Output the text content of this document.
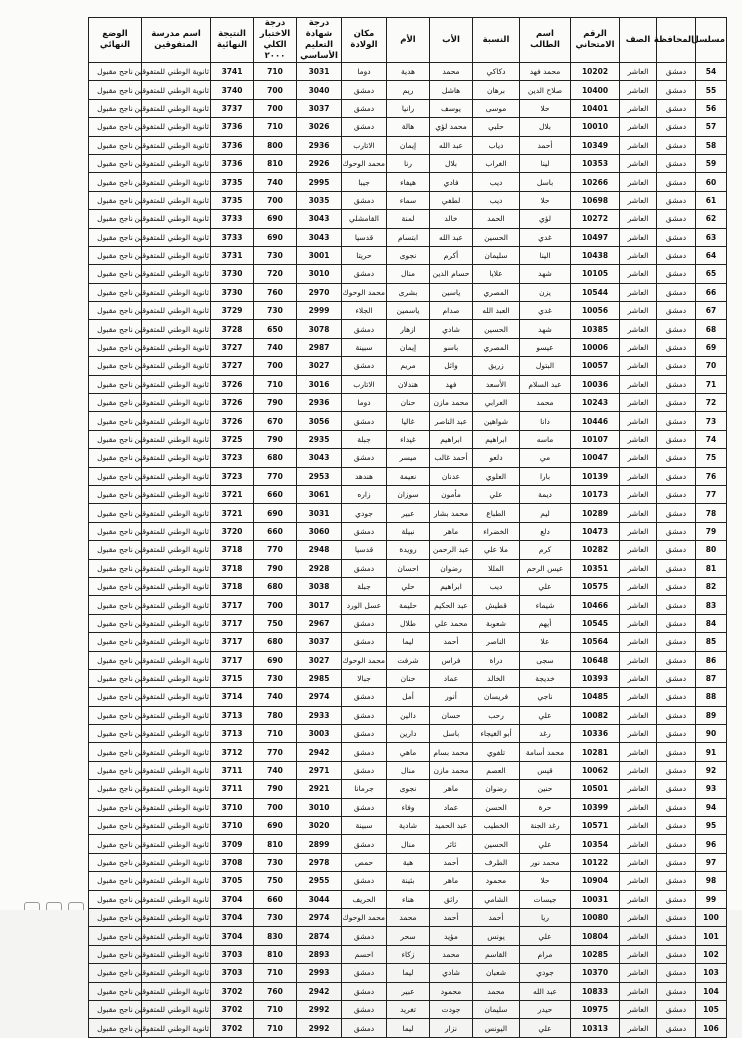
مسلسل	المحافظة	الصف	الرقم الامتحاني	اسم الطالب	النسبة	الأب	الأم	مكان الولادة	درجة شهادة التعليم الأساسي	درجة الاختبار الكلي ٢٠٠٠	النتيجة النهائية	اسم مدرسة المتفوقين	الوضع النهائي
54	دمشق	العاشر	10202	محمد فهد	دكاكي	محمد	هدية	دوما	3031	710	3741	ثانوية الوطني للمتفوقين	ناجح مقبول
55	دمشق	العاشر	10400	صلاح الدين	برهان	هاشل	ريم	دمشق	3040	700	3740	ثانوية الوطني للمتفوقين	ناجح مقبول
56	دمشق	العاشر	10401	حلا	موسى	يوسف	رانيا	دمشق	3037	700	3737	ثانوية الوطني للمتفوقين	ناجح مقبول
57	دمشق	العاشر	10010	بلال	حلبي	محمد لؤي	هالة	دمشق	3026	710	3736	ثانوية الوطني للمتفوقين	ناجح مقبول
58	دمشق	العاشر	10349	أحمد	دياب	عبد الله	إيمان	الاتارب	2936	800	3736	ثانوية الوطني للمتفوقين	ناجح مقبول
59	دمشق	العاشر	10353	لينا	الغراب	بلال	رنا	محمد الوحوك	2926	810	3736	ثانوية الوطني للمتفوقين	ناجح مقبول
60	دمشق	العاشر	10266	باسل	ديب	فادي	هيفاء	جيبا	2995	740	3735	ثانوية الوطني للمتفوقين	ناجح مقبول
61	دمشق	العاشر	10698	حلا	ديب	لطفي	سماء	دمشق	3035	700	3735	ثانوية الوطني للمتفوقين	ناجح مقبول
62	دمشق	العاشر	10272	لؤي	الحمد	خالد	لمنة	القامشلي	3043	690	3733	ثانوية الوطني للمتفوقين	ناجح مقبول
63	دمشق	العاشر	10497	غدي	الحسين	عبد الله	ابتسام	قدسيا	3043	690	3733	ثانوية الوطني للمتفوقين	ناجح مقبول
64	دمشق	العاشر	10438	الينا	سليمان	أكرم	نجوى	حريتا	3001	730	3731	ثانوية الوطني للمتفوقين	ناجح مقبول
65	دمشق	العاشر	10105	شهد	علايا	حسام الدين	منال	دمشق	3010	720	3730	ثانوية الوطني للمتفوقين	ناجح مقبول
66	دمشق	العاشر	10544	يزن	المصري	ياسين	بشرى	محمد الوحوك	2970	760	3730	ثانوية الوطني للمتفوقين	ناجح مقبول
67	دمشق	العاشر	10056	غدي	العبد الله	صدام	ياسمين	الجلاء	2999	730	3729	ثانوية الوطني للمتفوقين	ناجح مقبول
68	دمشق	العاشر	10385	شهد	الحسين	شادي	ازهار	دمشق	3078	650	3728	ثانوية الوطني للمتفوقين	ناجح مقبول
69	دمشق	العاشر	10006	عيسو	المصري	باسو	إيمان	سبينة	2987	740	3727	ثانوية الوطني للمتفوقين	ناجح مقبول
70	دمشق	العاشر	10057	البتول	زريق	وائل	مريم	دمشق	3027	700	3727	ثانوية الوطني للمتفوقين	ناجح مقبول
71	دمشق	العاشر	10036	عبد السلام	الأسعد	فهد	هندلان	الاتارب	3016	710	3726	ثانوية الوطني للمتفوقين	ناجح مقبول
72	دمشق	العاشر	10243	محمد	العرابي	محمد مازن	حنان	دوما	2936	790	3726	ثانوية الوطني للمتفوقين	ناجح مقبول
73	دمشق	العاشر	10446	دانا	شواهين	عبد الناصر	غاليا	دمشق	3056	670	3726	ثانوية الوطني للمتفوقين	ناجح مقبول
74	دمشق	العاشر	10107	ماسه	ابراهيم	ابراهيم	غيداء	جبلة	2935	790	3725	ثانوية الوطني للمتفوقين	ناجح مقبول
75	دمشق	العاشر	10047	مي	دلعو	أحمد غالب	ميسر	دمشق	3043	680	3723	ثانوية الوطني للمتفوقين	ناجح مقبول
76	دمشق	العاشر	10139	بارا	العلوي	عدنان	نعيمة	هندهد	2953	770	3723	ثانوية الوطني للمتفوقين	ناجح مقبول
77	دمشق	العاشر	10173	ديمة	علي	مأمون	سوزان	زاره	3061	660	3721	ثانوية الوطني للمتفوقين	ناجح مقبول
78	دمشق	العاشر	10289	ليم	الطباع	محمد بشار	عبير	جودي	3031	690	3721	ثانوية الوطني للمتفوقين	ناجح مقبول
79	دمشق	العاشر	10473	دلع	الخضراء	ماهر	نبيلة	دمشق	3060	660	3720	ثانوية الوطني للمتفوقين	ناجح مقبول
80	دمشق	العاشر	10282	كرم	ملا علي	عبد الرحمن	رويدة	قدسيا	2948	770	3718	ثانوية الوطني للمتفوقين	ناجح مقبول
81	دمشق	العاشر	10351	عيس الرحم	المللا	رضوان	احسان	دمشق	2928	790	3718	ثانوية الوطني للمتفوقين	ناجح مقبول
82	دمشق	العاشر	10575	علي	ديب	ابراهيم	حلي	جبلة	3038	680	3718	ثانوية الوطني للمتفوقين	ناجح مقبول
83	دمشق	العاشر	10466	شيماء	قطيش	عبد الحكيم	حليمة	عسل الورد	3017	700	3717	ثانوية الوطني للمتفوقين	ناجح مقبول
84	دمشق	العاشر	10545	أيهم	شعوبة	محمد علي	طلال	دمشق	2967	750	3717	ثانوية الوطني للمتفوقين	ناجح مقبول
85	دمشق	العاشر	10564	علا	الناصر	أحمد	ليما	دمشق	3037	680	3717	ثانوية الوطني للمتفوقين	ناجح مقبول
86	دمشق	العاشر	10648	سجى	دراة	فراس	شرفت	محمد الوحوك	3027	690	3717	ثانوية الوطني للمتفوقين	ناجح مقبول
87	دمشق	العاشر	10393	خديجة	الخالد	عماد	حنان	جبالا	2985	730	3715	ثانوية الوطني للمتفوقين	ناجح مقبول
88	دمشق	العاشر	10485	ناجي	فريسان	أنور	أمل	دمشق	2974	740	3714	ثانوية الوطني للمتفوقين	ناجح مقبول
89	دمشق	العاشر	10082	علي	رحب	حسان	دالين	دمشق	2933	780	3713	ثانوية الوطني للمتفوقين	ناجح مقبول
90	دمشق	العاشر	10336	رغد	أبو الغيجاء	باسل	دارين	دمشق	3003	710	3713	ثانوية الوطني للمتفوقين	ناجح مقبول
91	دمشق	العاشر	10281	محمد أسامة	تلفوي	محمد بسام	ماهي	دمشق	2942	770	3712	ثانوية الوطني للمتفوقين	ناجح مقبول
92	دمشق	العاشر	10062	قيس	العصم	محمد مازن	منال	دمشق	2971	740	3711	ثانوية الوطني للمتفوقين	ناجح مقبول
93	دمشق	العاشر	10501	حنين	رضوان	ماهر	نجوى	جرمانا	2921	790	3711	ثانوية الوطني للمتفوقين	ناجح مقبول
94	دمشق	العاشر	10399	حرة	الحسن	عماد	وفاء	دمشق	3010	700	3710	ثانوية الوطني للمتفوقين	ناجح مقبول
95	دمشق	العاشر	10571	رغد الجنة	الخطيب	عبد الحميد	شادية	سبينة	3020	690	3710	ثانوية الوطني للمتفوقين	ناجح مقبول
96	دمشق	العاشر	10354	علي	الحسين	ثائر	منال	دمشق	2899	810	3709	ثانوية الوطني للمتفوقين	ناجح مقبول
97	دمشق	العاشر	10122	محمد نور	الطرف	أحمد	هبة	حمص	2978	730	3708	ثانوية الوطني للمتفوقين	ناجح مقبول
98	دمشق	العاشر	10904	حلا	محمود	ماهر	بثينة	دمشق	2955	750	3705	ثانوية الوطني للمتفوقين	ناجح مقبول
99	دمشق	العاشر	10031	جيسات	الشامي	رائق	هناء	الحريف	3044	660	3704	ثانوية الوطني للمتفوقين	ناجح مقبول
100	دمشق	العاشر	10080	ريا	أحمد	أحمد	محمد	محمد الوحوك	2974	730	3704	ثانوية الوطني للمتفوقين	ناجح مقبول
101	دمشق	العاشر	10804	علي	يونس	مؤيد	سحر	دمشق	2874	830	3704	ثانوية الوطني للمتفوقين	ناجح مقبول
102	دمشق	العاشر	10285	مرام	القاسم	محمد	زكاء	احسم	2893	810	3703	ثانوية الوطني للمتفوقين	ناجح مقبول
103	دمشق	العاشر	10370	جودي	شعبان	شادي	ليما	دمشق	2993	710	3703	ثانوية الوطني للمتفوقين	ناجح مقبول
104	دمشق	العاشر	10833	عبد الله	محمد	محمود	عبير	دمشق	2942	760	3702	ثانوية الوطني للمتفوقين	ناجح مقبول
105	دمشق	العاشر	10975	حيدر	سليمان	جودت	تغريد	دمشق	2992	710	3702	ثانوية الوطني للمتفوقين	ناجح مقبول
106	دمشق	العاشر	10313	علي	اليونس	نزار	ليما	دمشق	2992	710	3702	ثانوية الوطني للمتفوقين	ناجح مقبول
